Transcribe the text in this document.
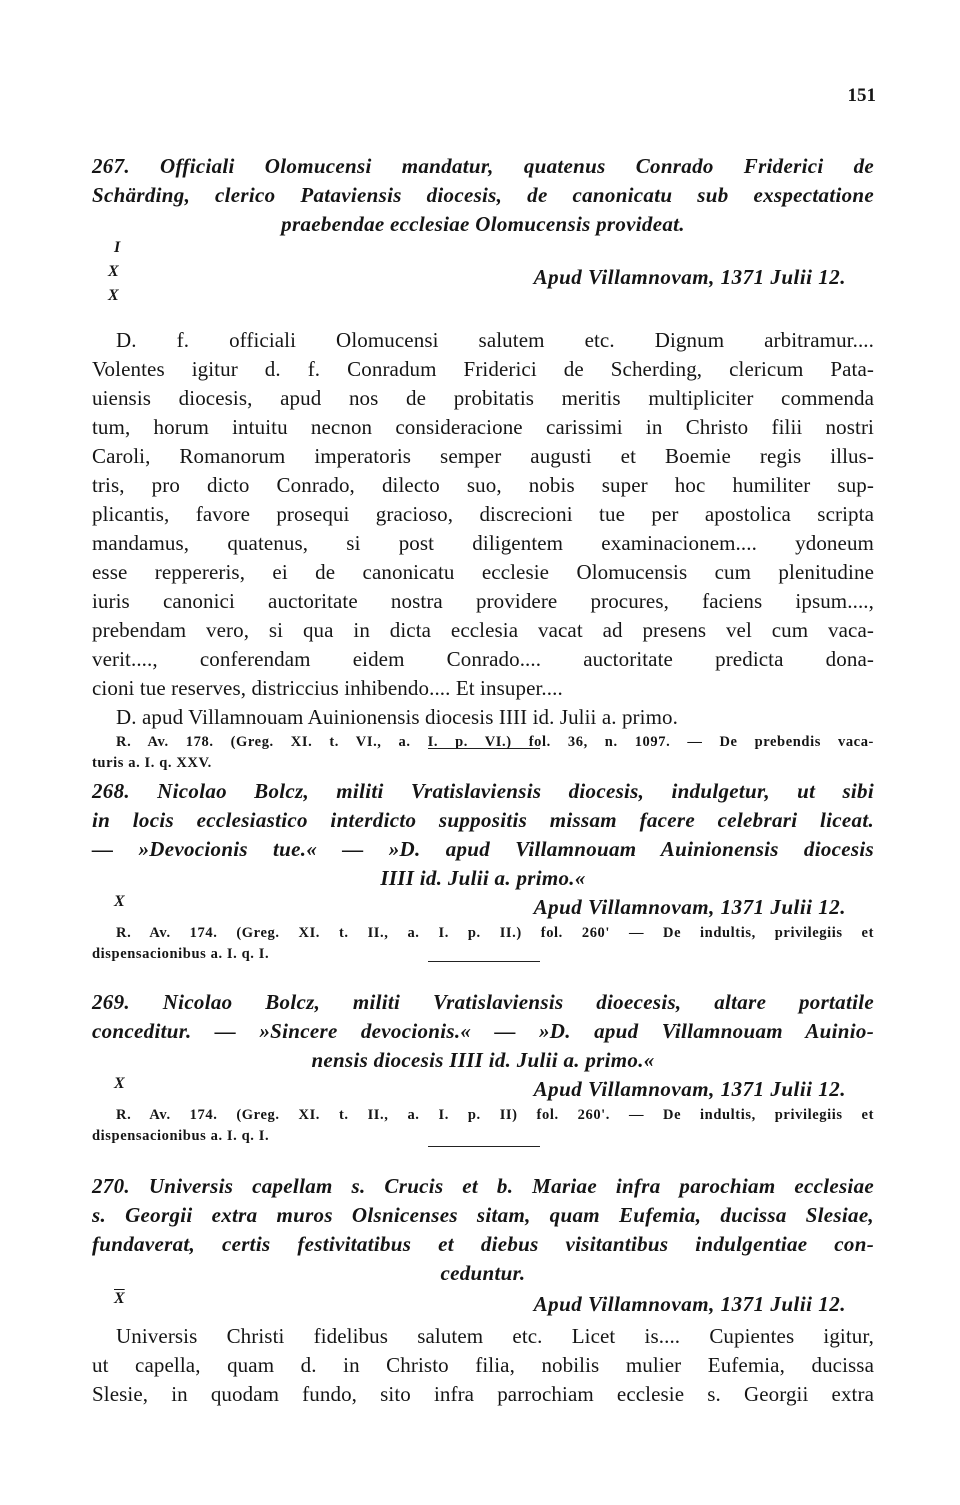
151
267. Officiali Olomucensi mandatur, quatenus Conrado Friderici de
Schärding, clerico Pataviensis diocesis, de canonicatu sub exspectatione
praebendae ecclesiae Olomucensis provideat.
I
X
X
Apud Villamnovam, 1371 Julii 12.
D. f. officiali Olomucensi salutem etc. Dignum arbitramur....
Volentes igitur d. f. Conradum Friderici de Scherding, clericum Pata-
uiensis diocesis, apud nos de probitatis meritis multipliciter commenda
tum, horum intuitu necnon consideracione carissimi in Christo filii nostri
Caroli, Romanorum imperatoris semper augusti et Boemie regis illus-
tris, pro dicto Conrado, dilecto suo, nobis super hoc humiliter sup-
plicantis, favore prosequi gracioso, discrecioni tue per apostolica scripta
mandamus, quatenus, si post diligentem examinacionem.... ydoneum
esse reppereris, ei de canonicatu ecclesie Olomucensis cum plenitudine
iuris canonici auctoritate nostra providere procures, faciens ipsum....,
prebendam vero, si qua in dicta ecclesia vacat ad presens vel cum vaca-
verit...., conferendam eidem Conrado.... auctoritate predicta dona-
cioni tue reserves, districcius inhibendo.... Et insuper....
D. apud Villamnouam Auinionensis diocesis IIII id. Julii a. primo.
R. Av. 178. (Greg. XI. t. VI., a. I. p. VI.) fol. 36, n. 1097. — De prebendis vaca-
turis a. I. q. XXV.
268. Nicolao Bolcz, militi Vratislaviensis diocesis, indulgetur, ut sibi
in locis ecclesiastico interdicto suppositis missam facere celebrari liceat.
— »Devocionis tue.« — »D. apud Villamnouam Auinionensis diocesis
IIII id. Julii a. primo.«
X	Apud Villamnovam, 1371 Julii 12.
R. Av. 174. (Greg. XI. t. II., a. I. p. II.) fol. 260' — De indultis, privilegiis et
dispensacionibus a. I. q. I.
269. Nicolao Bolcz, militi Vratislaviensis dioecesis, altare portatile
conceditur. — »Sincere devocionis.« — »D. apud Villamnouam Auinio-
nensis diocesis IIII id. Julii a. primo.«
X	Apud Villamnovam, 1371 Julii 12.
R. Av. 174. (Greg. XI. t. II., a. I. p. II) fol. 260'. — De indultis, privilegiis et
dispensacionibus a. I. q. I.
270. Universis capellam s. Crucis et b. Mariae infra parochiam ecclesiae
s. Georgii extra muros Olsnicenses sitam, quam Eufemia, ducissa Slesiae,
fundaverat, certis festivitatibus et diebus visitantibus indulgentiae con-
ceduntur.
$\overline{X}$	Apud Villamnovam, 1371 Julii 12.
Universis Christi fidelibus salutem etc. Licet is.... Cupientes igitur,
ut capella, quam d. in Christo filia, nobilis mulier Eufemia, ducissa
Slesie, in quodam fundo, sito infra parrochiam ecclesie s. Georgii extra
